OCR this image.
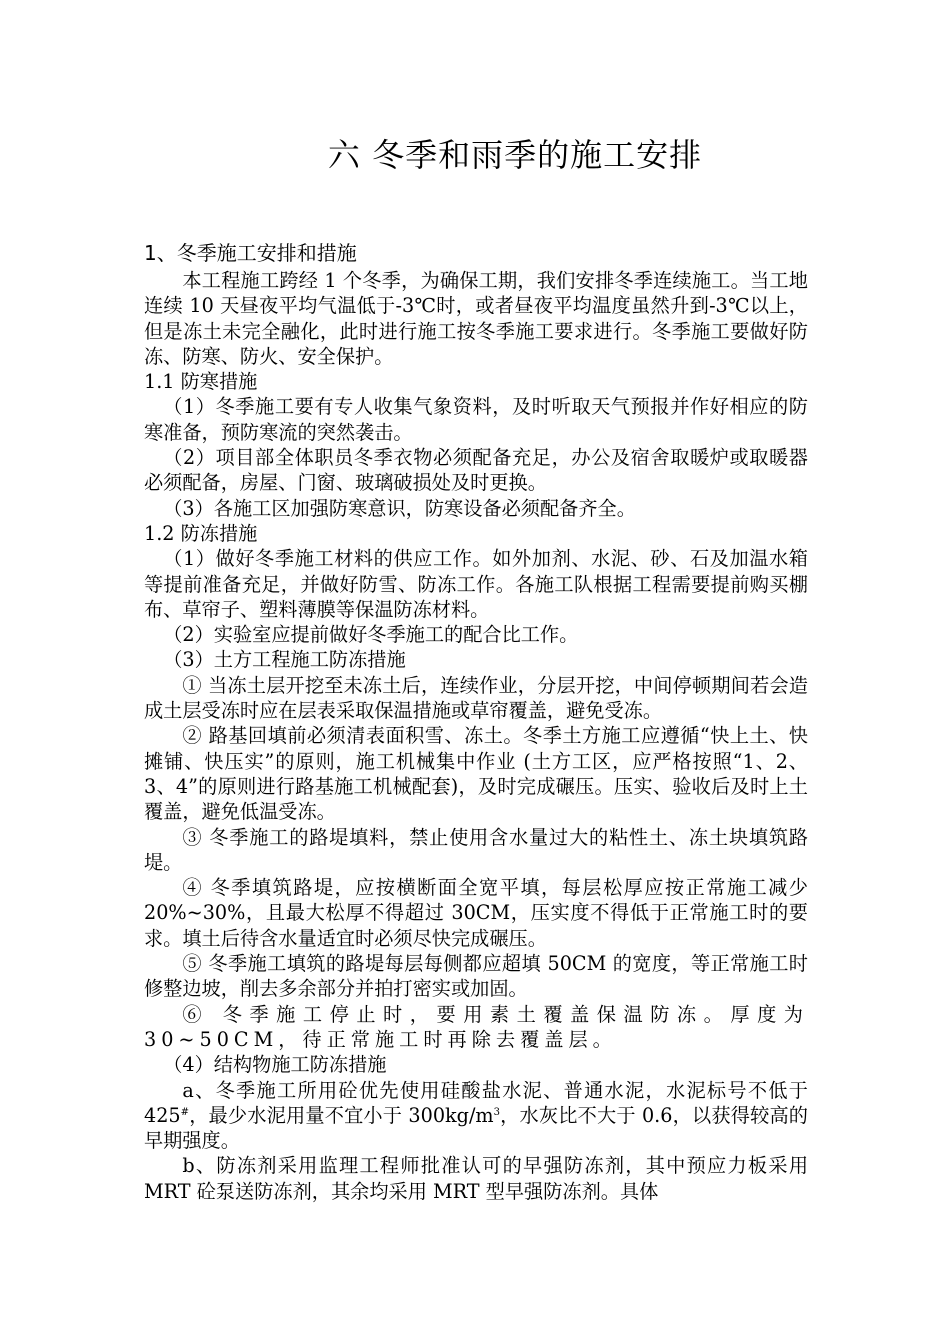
六 冬季和雨季的施工安排
1、冬季施工安排和措施

本工程施工跨经 1 个冬季，为确保工期，我们安排冬季连续施工。当工地连续 10 天昼夜平均气温低于-3℃时，或者昼夜平均温度虽然升到-3℃以上，但是冻土未完全融化，此时进行施工按冬季施工要求进行。冬季施工要做好防冻、防寒、防火、安全保护。

1.1 防寒措施

（1）冬季施工要有专人收集气象资料，及时听取天气预报并作好相应的防寒准备，预防寒流的突然袭击。

（2）项目部全体职员冬季衣物必须配备充足，办公及宿舍取暖炉或取暖器必须配备，房屋、门窗、玻璃破损处及时更换。

（3）各施工区加强防寒意识，防寒设备必须配备齐全。

1.2 防冻措施

（1）做好冬季施工材料的供应工作。如外加剂、水泥、砂、石及加温水箱等提前准备充足，并做好防雪、防冻工作。各施工队根据工程需要提前购买棚布、草帘子、塑料薄膜等保温防冻材料。

（2）实验室应提前做好冬季施工的配合比工作。

（3）土方工程施工防冻措施

① 当冻土层开挖至未冻土后，连续作业，分层开挖，中间停顿期间若会造成土层受冻时应在层表采取保温措施或草帘覆盖，避免受冻。

② 路基回填前必须清表面积雪、冻土。冬季土方施工应遵循“快上土、快摊铺、快压实”的原则，施工机械集中作业 (土方工区，应严格按照“1、2、3、4”的原则进行路基施工机械配套)，及时完成碾压。压实、验收后及时上土覆盖，避免低温受冻。

③ 冬季施工的路堤填料，禁止使用含水量过大的粘性土、冻土块填筑路堤。

④ 冬季填筑路堤，应按横断面全宽平填，每层松厚应按正常施工减少 20%~30%，且最大松厚不得超过 30CM，压实度不得低于正常施工时的要求。填土后待含水量适宜时必须尽快完成碾压。

⑤ 冬季施工填筑的路堤每层每侧都应超填 50CM 的宽度，等正常施工时修整边坡，削去多余部分并拍打密实或加固。

⑥ 冬季施工停止时，要用素土覆盖保温防冻。厚度为 30~50CM，待正常施工时再除去覆盖层。

（4）结构物施工防冻措施

a、冬季施工所用砼优先使用硅酸盐水泥、普通水泥，水泥标号不低于 425#，最少水泥用量不宜小于 $300kg/m^3$，水灰比不大于 0.6，以获得较高的早期强度。

b、防冻剂采用监理工程师批准认可的早强防冻剂，其中预应力板采用 MRT 砼泵送防冻剂，其余均采用 MRT 型早强防冻剂。具体
